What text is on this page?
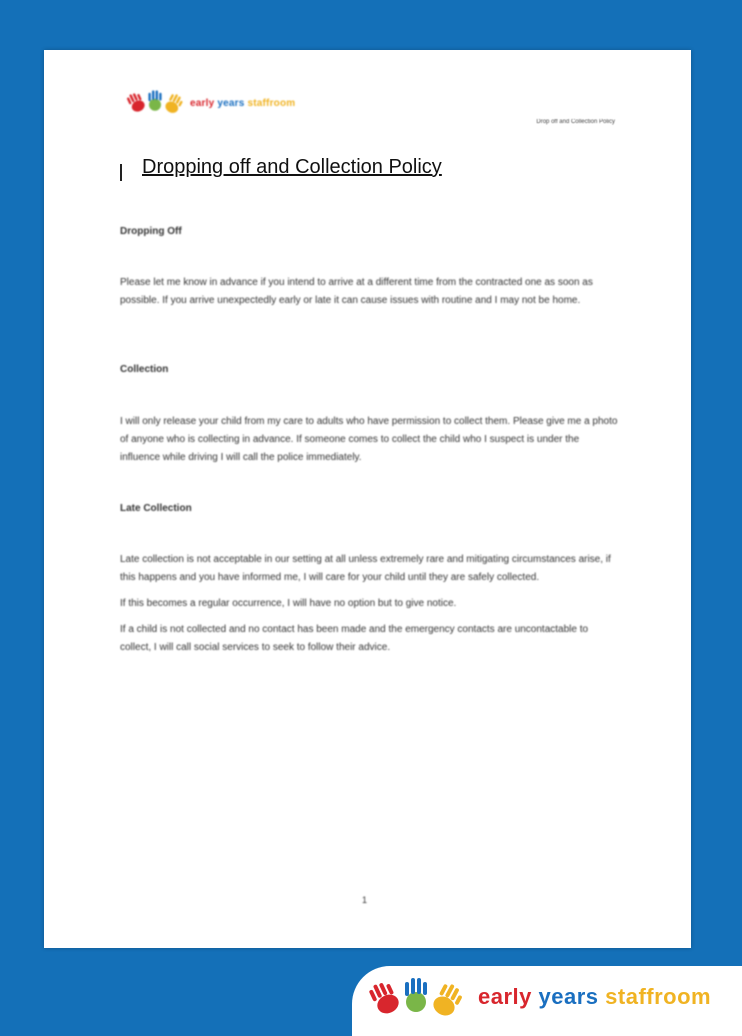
early years staffroom
Drop off and Collection Policy
Dropping off and Collection Policy
Dropping Off

Please let me know in advance if you intend to arrive at a different time from the contracted one as soon as possible. If you arrive unexpectedly early or late it can cause issues with routine and I may not be home.

Collection

I will only release your child from my care to adults who have permission to collect them. Please give me a photo of anyone who is collecting in advance. If someone comes to collect the child who I suspect is under the influence while driving I will call the police immediately.

Late Collection

Late collection is not acceptable in our setting at all unless extremely rare and mitigating circumstances arise, if this happens and you have informed me, I will care for your child until they are safely collected.

If this becomes a regular occurrence, I will have no option but to give notice.

If a child is not collected and no contact has been made and the emergency contacts are uncontactable to collect, I will call social services to seek to follow their advice.

1
early years staffroom
